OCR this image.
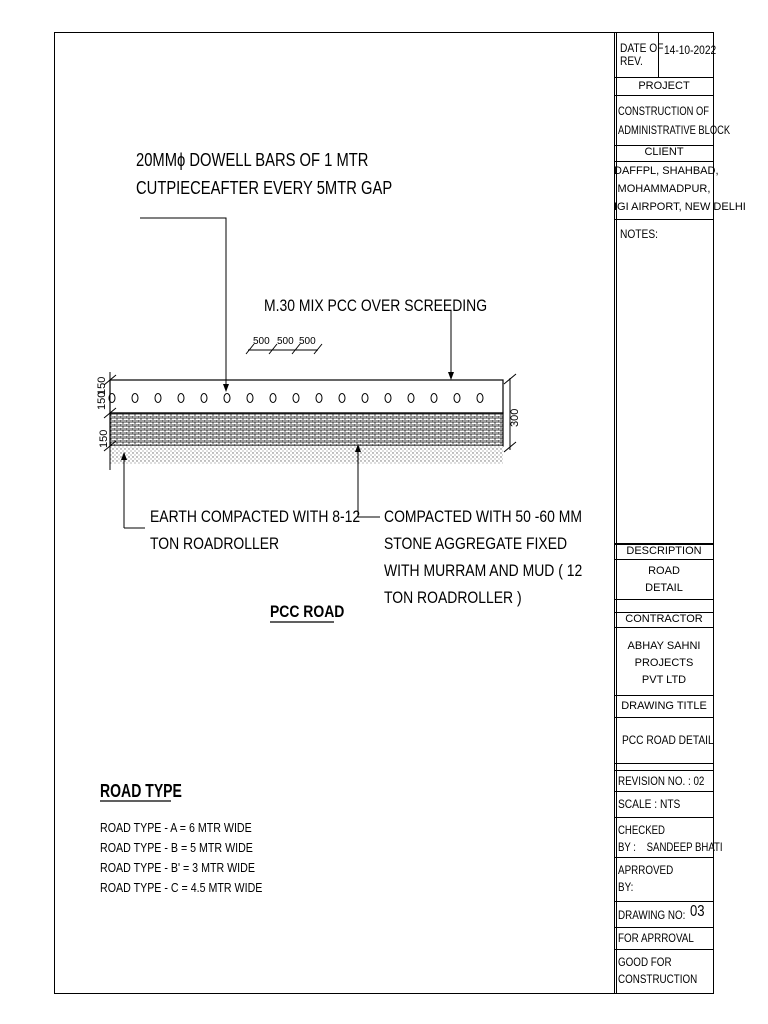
20MMϕ DOWELL BARS OF 1 MTR
CUTPIECEAFTER EVERY 5MTR GAP
M.30 MIX PCC OVER SCREEDING
500 500 500
150
150
150
300
EARTH COMPACTED WITH 8-12
TON ROADROLLER
COMPACTED WITH 50 -60 MM
STONE AGGREGATE FIXED
WITH MURRAM AND MUD ( 12
TON ROADROLLER )
PCC ROAD
ROAD TYPE
ROAD TYPE - A = 6 MTR WIDE
ROAD TYPE - B = 5 MTR WIDE
ROAD TYPE - B' = 3 MTR WIDE
ROAD TYPE - C = 4.5 MTR WIDE
DATE OF
REV.
14-10-2022
PROJECT
CONSTRUCTION OF
ADMINISTRATIVE BLOCK
CLIENT
DAFFPL, SHAHBAD,
MOHAMMADPUR,
IGI AIRPORT, NEW DELHI
NOTES:
DESCRIPTION
ROAD
DETAIL
CONTRACTOR
ABHAY SAHNI
PROJECTS
PVT LTD
DRAWING TITLE
PCC ROAD DETAIL
REVISION NO. : 02
SCALE : NTS
CHECKED
BY :    SANDEEP BHATI
APRROVED
BY:
DRAWING NO: 03
FOR APRROVAL
GOOD FOR
CONSTRUCTION
